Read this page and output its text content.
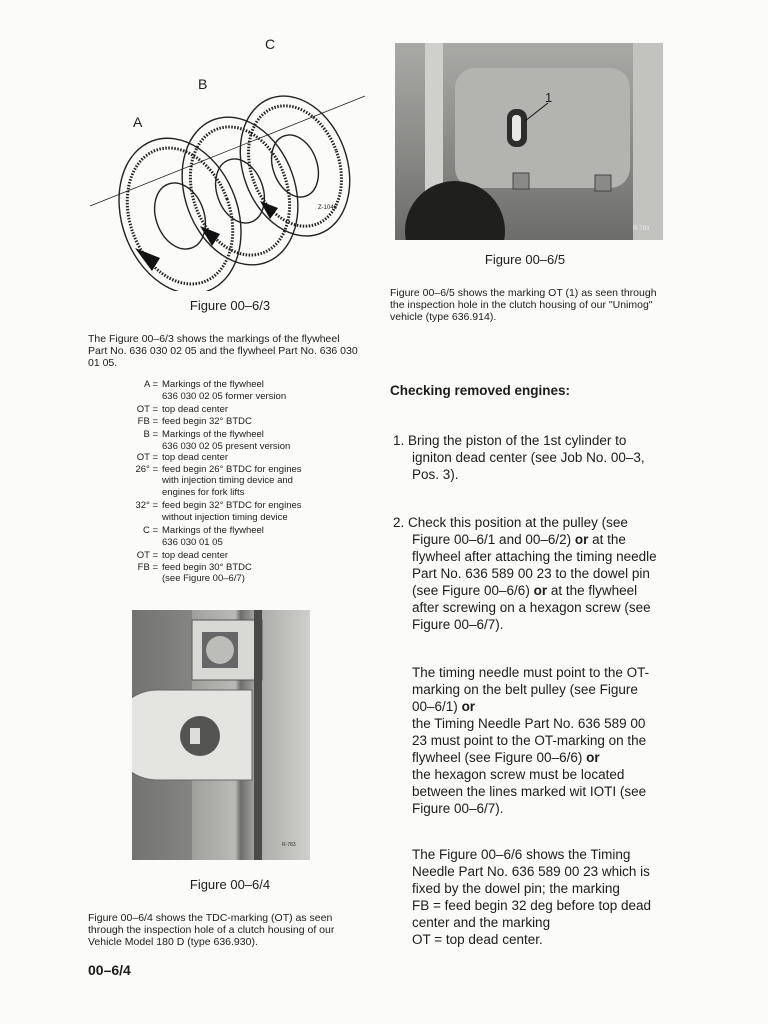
C
B
A
Z-1046
Figure 00–6/3
The Figure 00–6/3 shows the markings of the flywheel Part No. 636 030 02 05 and the flywheel Part No. 636 030 01 05.
A = Markings of the flywheel
636 030 02 05 former version
OT = top dead center
FB = feed begin 32° BTDC
B = Markings of the flywheel
636 030 02 05 present version
OT = top dead center
26° = feed begin 26° BTDC for engines
with injection timing device and
engines for fork lifts
32° = feed begin 32° BTDC for engines
without injection timing device
C = Markings of the flywheel
636 030 01 05
OT = top dead center
FB = feed begin 30° BTDC
(see Figure 00–6/7)
R-783
Figure 00–6/4
Figure 00–6/4 shows the TDC-marking (OT) as seen through the inspection hole of a clutch housing of our Vehicle Model 180 D (type 636.930).
00–6/4
1
R-783
Figure 00–6/5
Figure 00–6/5 shows the marking OT (1) as seen through the inspection hole in the clutch housing of our "Unimog" vehicle (type 636.914).
Checking removed engines:
1. Bring the piston of the 1st cylinder to igniton dead center (see Job No. 00–3, Pos. 3).
2. Check this position at the pulley (see Figure 00–6/1 and 00–6/2) or at the flywheel after attaching the timing needle Part No. 636 589 00 23 to the dowel pin (see Figure 00–6/6) or at the flywheel after screwing on a hexagon screw (see Figure 00–6/7).
The timing needle must point to the OT-marking on the belt pulley (see Figure 00–6/1) or
the Timing Needle Part No. 636 589 00 23 must point to the OT-marking on the flywheel (see Figure 00–6/6) or
the hexagon screw must be located between the lines marked wit IOTI (see Figure 00–6/7).
The Figure 00–6/6 shows the Timing Needle Part No. 636 589 00 23 which is fixed by the dowel pin; the marking
FB = feed begin 32 deg before top dead center and the marking
OT = top dead center.
